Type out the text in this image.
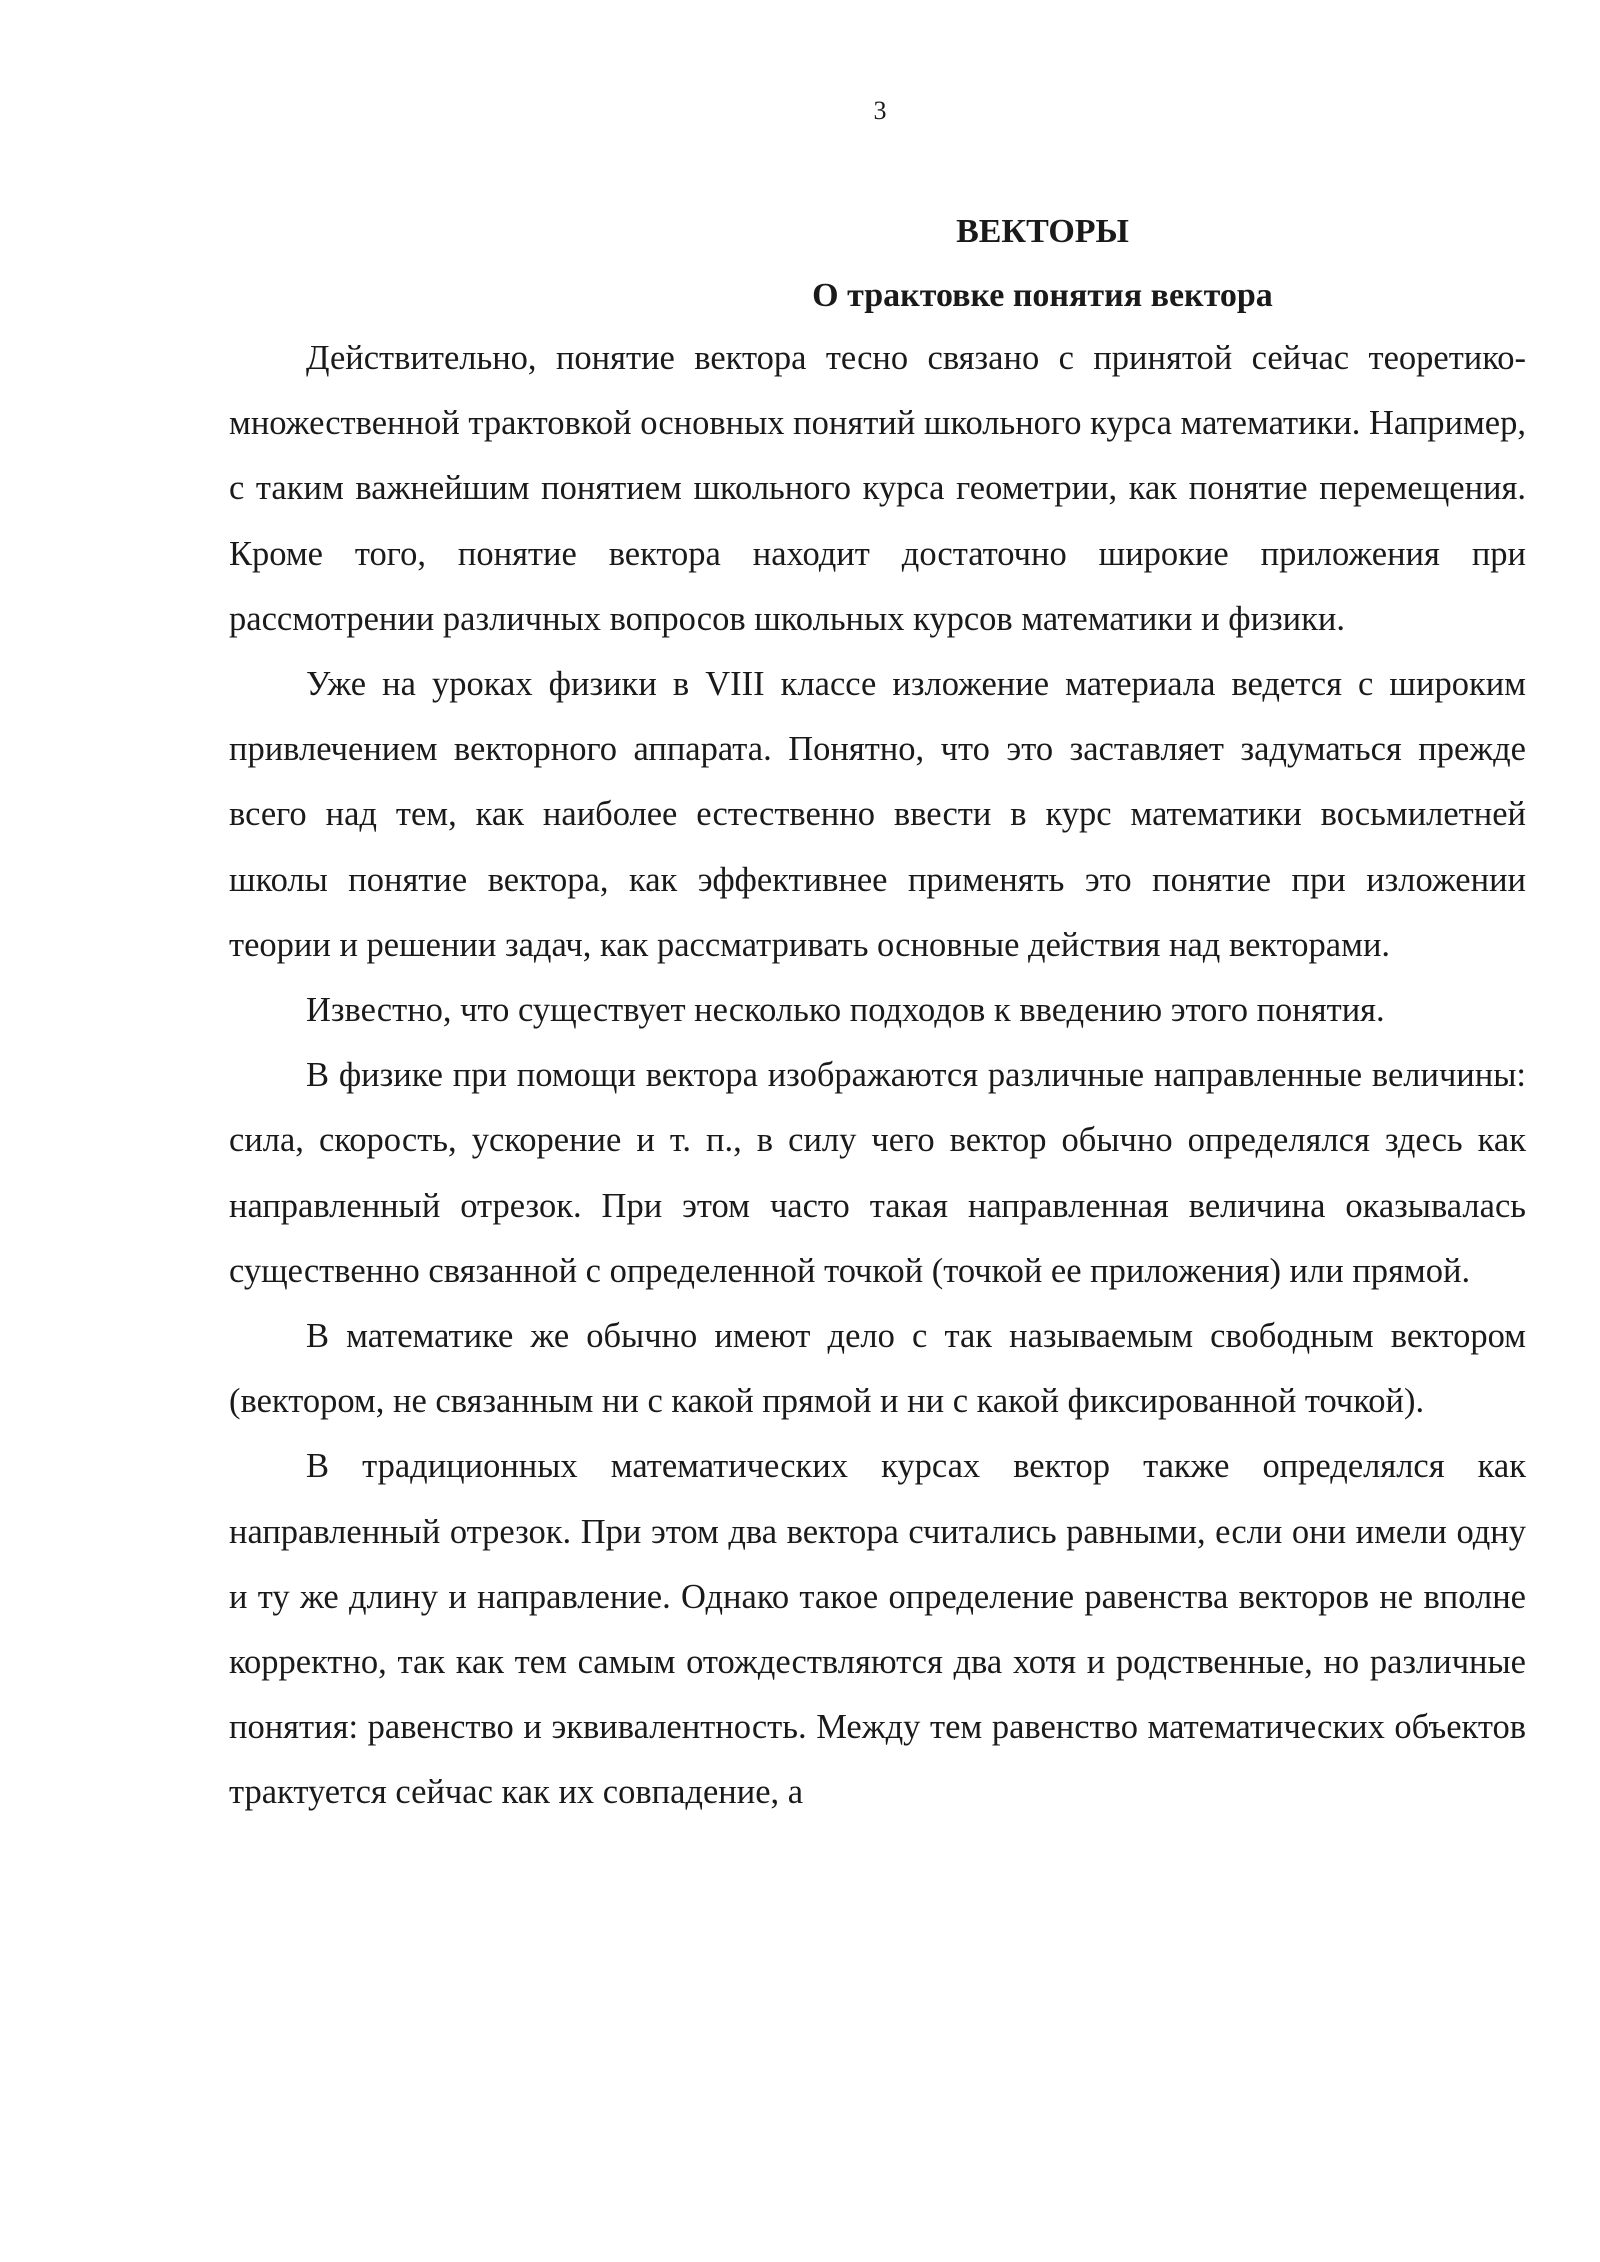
3
ВЕКТОРЫ
О трактовке понятия вектора

Действительно, понятие вектора тесно связано с принятой сейчас теоретико-множественной трактовкой основных понятий школьного курса математики. Например, с таким важнейшим понятием школьного курса геометрии, как понятие перемещения. Кроме того, понятие вектора находит достаточно широкие приложения при рассмотрении различных вопросов школьных курсов математики и физики.

Уже на уроках физики в VIII классе изложение материала ведется с широким привлечением векторного аппарата. Понятно, что это заставляет задуматься прежде всего над тем, как наиболее естественно ввести в курс математики восьмилетней школы понятие вектора, как эффективнее применять это понятие при изложении теории и решении задач, как рассматривать основные действия над векторами.

Известно, что существует несколько подходов к введению этого понятия.

В физике при помощи вектора изображаются различные направленные величины: сила, скорость, ускорение и т. п., в силу чего вектор обычно определялся здесь как направленный отрезок. При этом часто такая направленная величина оказывалась существенно связанной с определенной точкой (точкой ее приложения) или прямой.

В математике же обычно имеют дело с так называемым свободным вектором (вектором, не связанным ни с какой прямой и ни с какой фиксированной точкой).

В традиционных математических курсах вектор также определялся как направленный отрезок. При этом два вектора считались равными, если они имели одну и ту же длину и направление. Однако такое определение равенства векторов не вполне корректно, так как тем самым отождествляются два хотя и родственные, но различные понятия: равенство и эквивалентность. Между тем равенство математических объектов трактуется сейчас как их совпадение, а
